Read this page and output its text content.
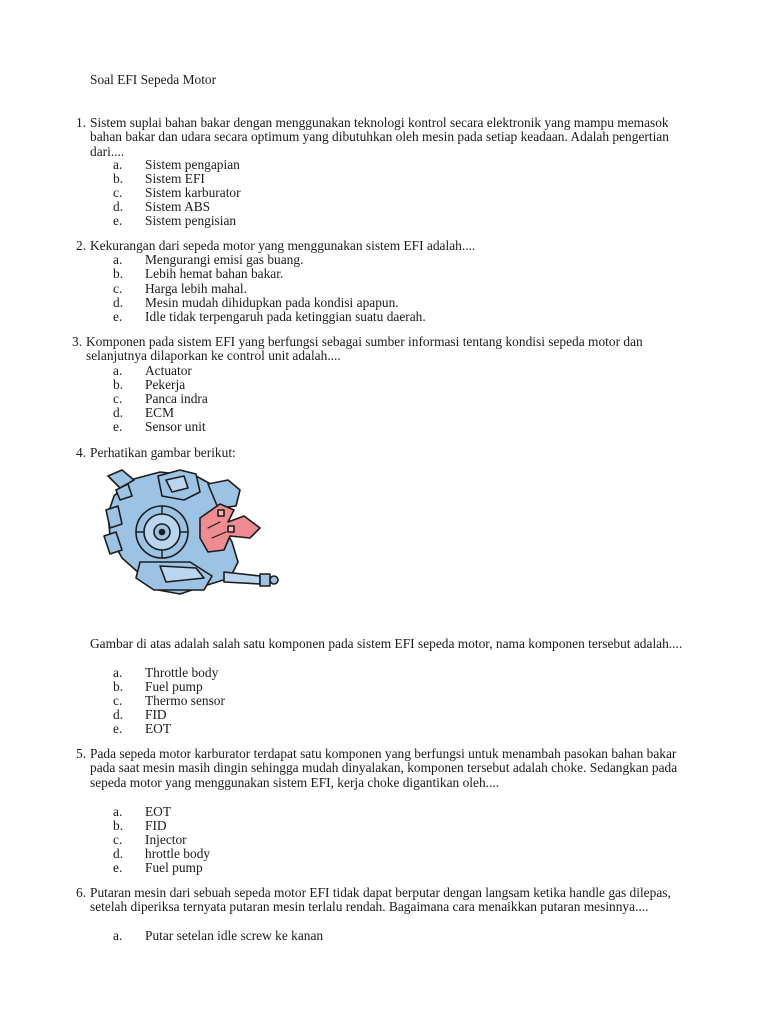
Soal EFI Sepeda Motor
1. Sistem suplai bahan bakar dengan menggunakan teknologi kontrol secara elektronik yang mampu memasok bahan bakar dan udara secara optimum yang dibutuhkan oleh mesin pada setiap keadaan. Adalah pengertian dari....
a. Sistem pengapian
b. Sistem EFI
c. Sistem karburator
d. Sistem ABS
e. Sistem pengisian
2. Kekurangan dari sepeda motor yang menggunakan sistem EFI adalah....
a. Mengurangi emisi gas buang.
b. Lebih hemat bahan bakar.
c. Harga lebih mahal.
d. Mesin mudah dihidupkan pada kondisi apapun.
e. Idle tidak terpengaruh pada ketinggian suatu daerah.
3. Komponen pada sistem EFI yang berfungsi sebagai sumber informasi tentang kondisi sepeda motor dan selanjutnya dilaporkan ke control unit adalah....
a. Actuator
b. Pekerja
c. Panca indra
d. ECM
e. Sensor unit
4. Perhatikan gambar berikut:
Gambar di atas adalah salah satu komponen pada sistem EFI sepeda motor, nama komponen tersebut adalah....
a. Throttle body
b. Fuel pump
c. Thermo sensor
d. FID
e. EOT
5. Pada sepeda motor karburator terdapat satu komponen yang berfungsi untuk menambah pasokan bahan bakar pada saat mesin masih dingin sehingga mudah dinyalakan, komponen tersebut adalah choke. Sedangkan pada sepeda motor yang menggunakan sistem EFI, kerja choke digantikan oleh....
a. EOT
b. FID
c. Injector
d. hrottle body
e. Fuel pump
6. Putaran mesin dari sebuah sepeda motor EFI tidak dapat berputar dengan langsam ketika handle gas dilepas, setelah diperiksa ternyata putaran mesin terlalu rendah. Bagaimana cara menaikkan putaran mesinnya....
a. Putar setelan idle screw ke kanan
